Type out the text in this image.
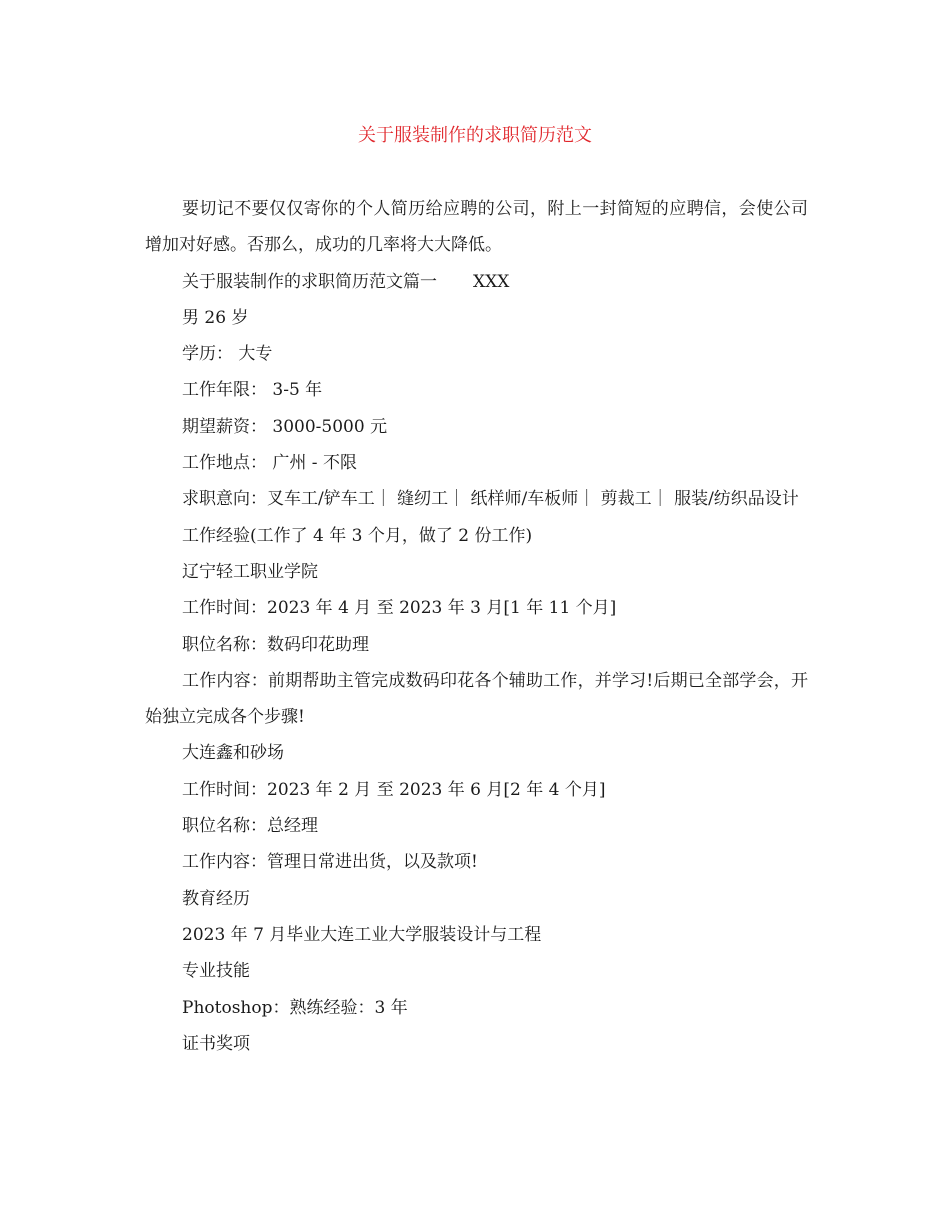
关于服装制作的求职简历范文

要切记不要仅仅寄你的个人简历给应聘的公司，附上一封简短的应聘信，会使公司增加对好感。否那么，成功的几率将大大降低。

关于服装制作的求职简历范文篇一 XXX

男 26 岁

学历： 大专

工作年限： 3-5 年

期望薪资： 3000-5000 元

工作地点： 广州 - 不限

求职意向：叉车工/铲车工｜ 缝纫工｜ 纸样师/车板师｜ 剪裁工｜ 服装/纺织品设计

工作经验(工作了 4 年 3 个月，做了 2 份工作)

辽宁轻工职业学院

工作时间：2023 年 4 月 至 2023 年 3 月[1 年 11 个月]

职位名称：数码印花助理

工作内容：前期帮助主管完成数码印花各个辅助工作，并学习!后期已全部学会，开始独立完成各个步骤!

大连鑫和砂场

工作时间：2023 年 2 月 至 2023 年 6 月[2 年 4 个月]

职位名称：总经理

工作内容：管理日常进出货，以及款项!

教育经历

2023 年 7 月毕业大连工业大学服装设计与工程

专业技能

Photoshop：熟练经验：3 年

证书奖项
